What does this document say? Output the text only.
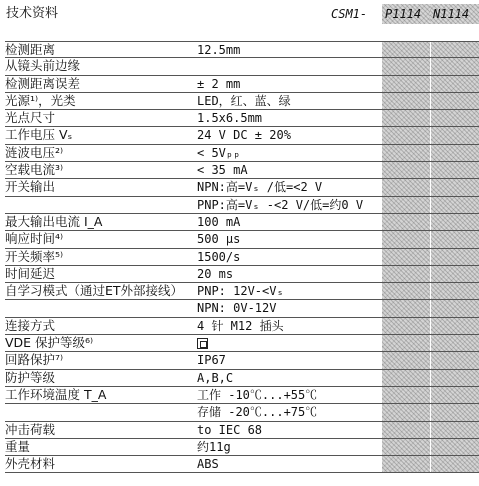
技术资料	CSM1-	P1114 N1114
检测距离	12.5mm
从镜头前边缘
检测距离误差	± 2 mm
光源¹⁾，光类	LED，红、蓝、绿
光点尺寸	1.5x6.5mm
工作电压 Vₛ	24 V DC ± 20%
涟波电压²⁾	< 5Vₚₚ
空载电流³⁾	< 35 mA
开关输出	NPN:高=Vₛ /低=<2 V
PNP:高=Vₛ -<2 V/低=约0 V
最大输出电流 I_A	100 mA
响应时间⁴⁾	500 µs
开关频率⁵⁾	1500/s
时间延迟	20 ms
自学习模式（通过ET外部接线）	PNP: 12V-<Vₛ
NPN: 0V-12V
连接方式	4 针 M12 插头
VDE 保护等级⁶⁾
回路保护⁷⁾	IP67
防护等级	A,B,C
工作环境温度 T_A	工作 -10℃...+55℃
存储 -20℃...+75℃
冲击荷载	to IEC 68
重量	约11g
外壳材料	ABS
